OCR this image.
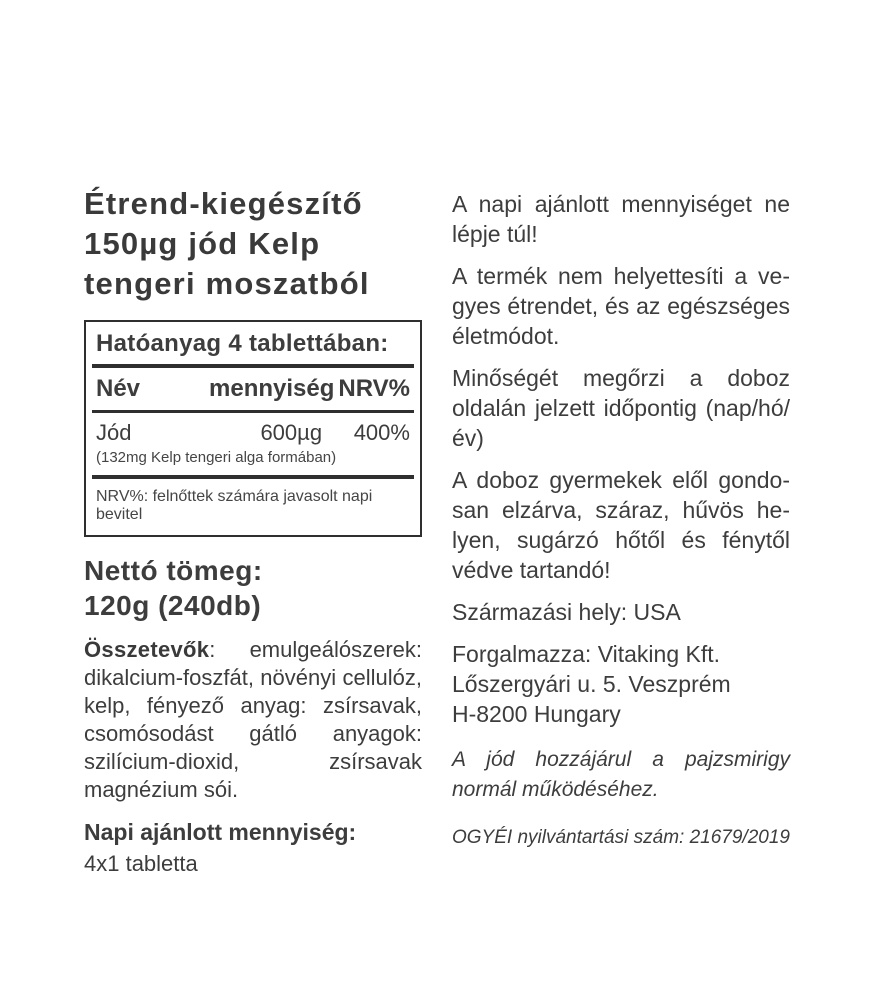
Étrend-kiegészítő
150µg jód Kelp
tengeri moszatból
Hatóanyag 4 tablettában:
Név	mennyiség NRV%
Jód	600µg	400%
(132mg Kelp tengeri alga formában)
NRV%: felnőttek számára javasolt napi bevitel
Nettó tömeg:
120g (240db)

Összetevők: emulgeálószerek: dikalcium-foszfát, növényi cellulóz, kelp, fényező anyag: zsírsavak, csomósodást gátló anyagok: szilícium-dioxid, zsírsavak magnézium sói.

Napi ajánlott mennyiség:
4x1 tabletta

A napi ajánlott mennyiséget ne lépje túl!

A termék nem helyettesíti a vegyes étrendet, és az egészséges életmódot.

Minőségét megőrzi a doboz oldalán jelzett időpontig (nap/hó/év)

A doboz gyermekek elől gondosan elzárva, száraz, hűvös helyen, sugárzó hőtől és fénytől védve tartandó!

Származási hely: USA

Forgalmazza: Vitaking Kft.
Lőszergyári u. 5. Veszprém
H-8200 Hungary

A jód hozzájárul a pajzsmirigy normál működéséhez.

OGYÉI nyilvántartási szám: 21679/2019
